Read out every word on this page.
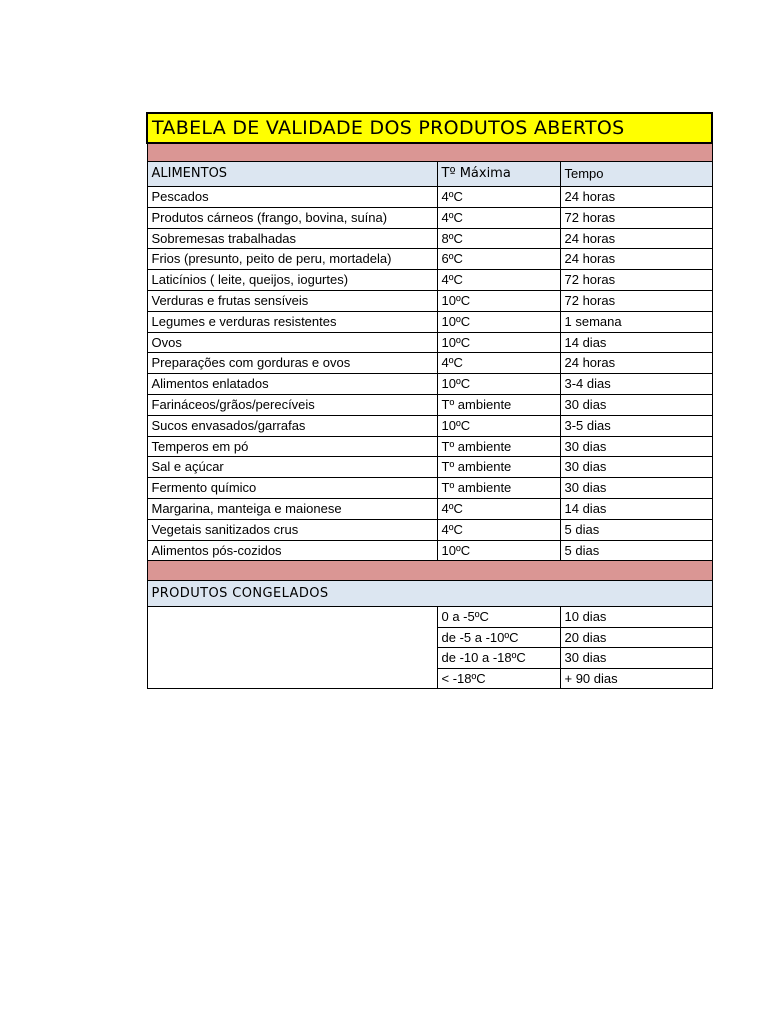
TABELA DE VALIDADE DOS PRODUTOS ABERTOS		

ALIMENTOS	Tº Máxima	Tempo
Pescados	4ºC	24 horas
Produtos cárneos (frango, bovina, suína)	4ºC	72 horas
Sobremesas trabalhadas	8ºC	24 horas
Frios (presunto, peito de peru, mortadela)	6ºC	24 horas
Laticínios ( leite, queijos, iogurtes)	4ºC	72 horas
Verduras e frutas sensíveis	10ºC	72 horas
Legumes e verduras resistentes	10ºC	1 semana
Ovos	10ºC	14 dias
Preparações com gorduras e ovos	4ºC	24 horas
Alimentos enlatados	10ºC	3-4 dias
Farináceos/grãos/perecíveis	Tº ambiente	30 dias
Sucos envasados/garrafas	10ºC	3-5 dias
Temperos em pó	Tº ambiente	30 dias
Sal e açúcar	Tº ambiente	30 dias
Fermento químico	Tº ambiente	30 dias
Margarina, manteiga e maionese	4ºC	14 dias
Vegetais sanitizados crus	4ºC	5 dias
Alimentos pós-cozidos	10ºC	5 dias

PRODUTOS CONGELADOS		
	0 a -5ºC	10 dias
	de -5 a -10ºC	20 dias
	de -10 a -18ºC	30 dias
	< -18ºC	+ 90 dias
